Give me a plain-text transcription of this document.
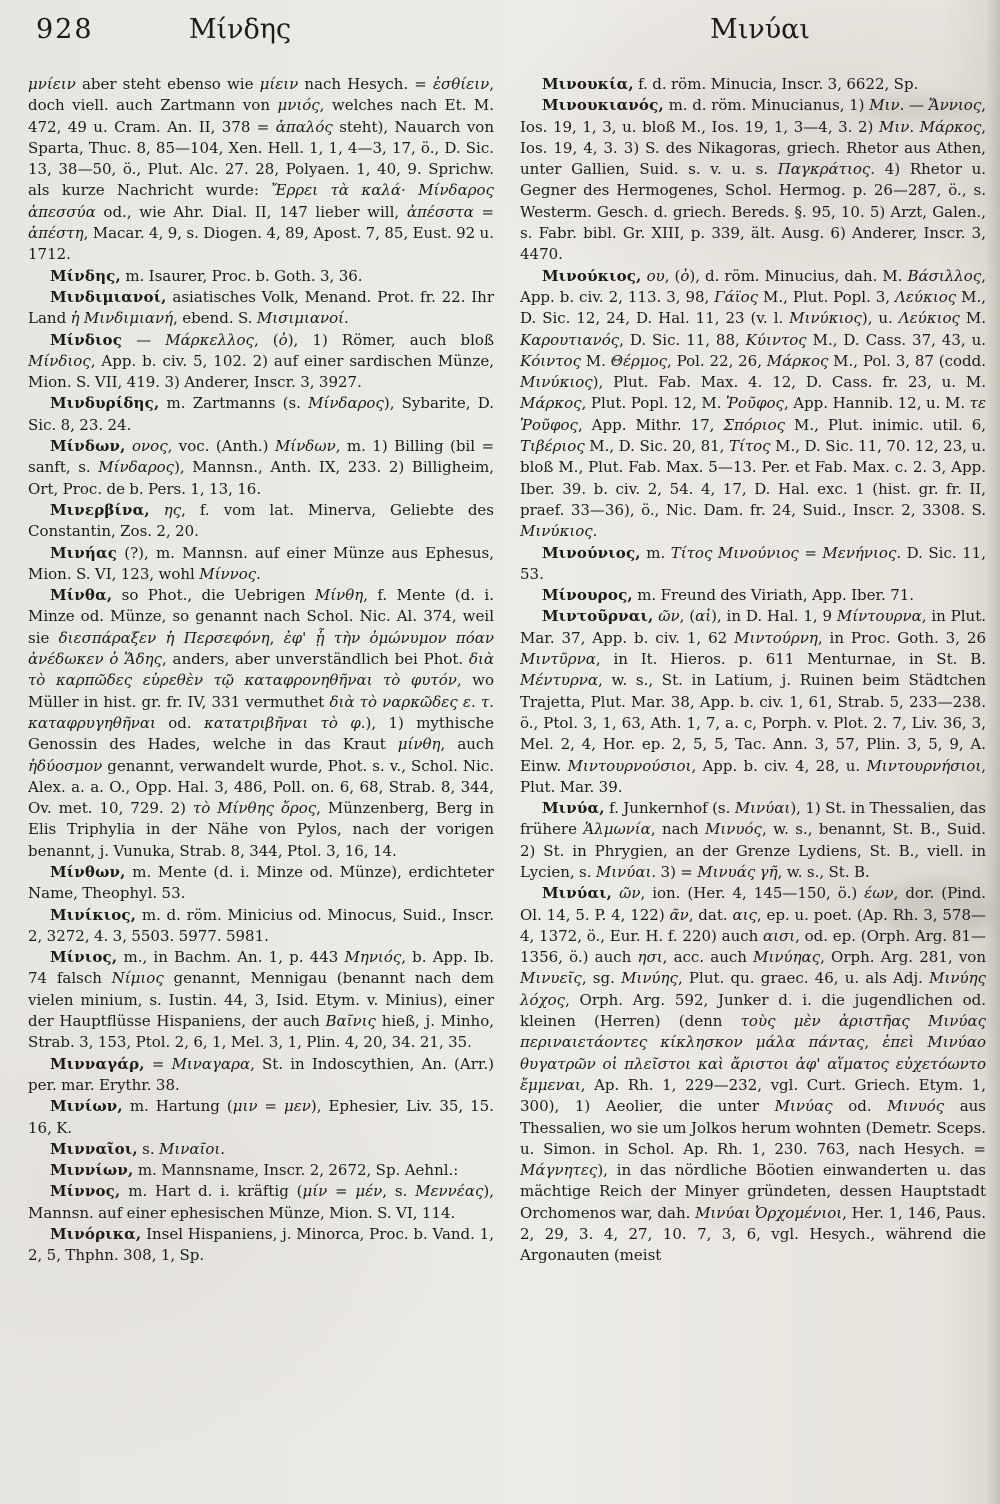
928	Μίνδης	Μινύαι

μνίειν aber steht ebenso wie μίειν nach Hesych. = ἐσθίειν, doch viell. auch Zartmann von μνιός, welches nach Et. M. 472, 49 u. Cram. An. II, 378 = ἁπαλός steht), Nauarch von Sparta, Thuc. 8, 85—104, Xen. Hell. 1, 1, 4—3, 17, ö., D. Sic. 13, 38—50, ö., Plut. Alc. 27. 28, Polyaen. 1, 40, 9. Sprichw. als kurze Nachricht wurde: Ἔρρει τὰ καλά· Μίνδαρος ἀπεσσύα od., wie Ahr. Dial. II, 147 lieber will, ἀπέσστα = ἀπέστη, Macar. 4, 9, s. Diogen. 4, 89, Apost. 7, 85, Eust. 92 u. 1712.

Μίνδης, m. Isaurer, Proc. b. Goth. 3, 36.

Μινδιμιανοί, asiatisches Volk, Menand. Prot. fr. 22. Ihr Land ἡ Μινδιμιανή, ebend. S. Μισιμιανοί.

Μίνδιος — Μάρκελλος, (ὁ), 1) Römer, auch bloß Μίνδιος, App. b. civ. 5, 102. 2) auf einer sardischen Münze, Mion. S. VII, 419. 3) Anderer, Inscr. 3, 3927.

Μινδυρίδης, m. Zartmanns (s. Μίνδαρος), Sybarite, D. Sic. 8, 23. 24.

Μίνδων, ονος, voc. (Anth.) Μίνδων, m. 1) Billing (bil = sanft, s. Μίνδαρος), Mannsn., Anth. IX, 233. 2) Billigheim, Ort, Proc. de b. Pers. 1, 13, 16.

Μινερβίνα, ης, f. vom lat. Minerva, Geliebte des Constantin, Zos. 2, 20.

Μινήας (?), m. Mannsn. auf einer Münze aus Ephesus, Mion. S. VI, 123, wohl Μίννος.

Μίνθα, so Phot., die Uebrigen Μίνθη, f. Mente (d. i. Minze od. Münze, so genannt nach Schol. Nic. Al. 374, weil sie διεσπάραξεν ἡ Περσεφόνη, ἐφ' ᾗ τὴν ὁμώνυμον πόαν ἀνέδωκεν ὁ Ἅδης, anders, aber unverständlich bei Phot. διὰ τὸ καρπῶδες εὑρεθὲν τῷ καταφρονηθῆναι τὸ φυτόν, wo Müller in hist. gr. fr. IV, 331 vermuthet διὰ τὸ ναρκῶδες ε. τ. καταφρυγηθῆναι od. κατατριβῆναι τὸ φ.), 1) mythische Genossin des Hades, welche in das Kraut μίνθη, auch ἡδύοσμον genannt, verwandelt wurde, Phot. s. v., Schol. Nic. Alex. a. a. O., Opp. Hal. 3, 486, Poll. on. 6, 68, Strab. 8, 344, Ov. met. 10, 729. 2) τὸ Μίνθης ὄρος, Münzenberg, Berg in Elis Triphylia in der Nähe von Pylos, nach der vorigen benannt, j. Vunuka, Strab. 8, 344, Ptol. 3, 16, 14.

Μίνθων, m. Mente (d. i. Minze od. Münze), erdichteter Name, Theophyl. 53.

Μινίκιος, m. d. röm. Minicius od. Minocus, Suid., Inscr. 2, 3272, 4. 3, 5503. 5977. 5981.

Μίνιος, m., in Bachm. An. 1, p. 443 Μηνιός, b. App. Ib. 74 falsch Νίμιος genannt, Mennigau (benannt nach dem vielen minium, s. Iustin. 44, 3, Isid. Etym. v. Minius), einer der Hauptflüsse Hispaniens, der auch Βαῖνις hieß, j. Minho, Strab. 3, 153, Ptol. 2, 6, 1, Mel. 3, 1, Plin. 4, 20, 34. 21, 35.

Μινναγάρ, = Μιναγαρα, St. in Indoscythien, An. (Arr.) per. mar. Erythr. 38.

Μινίων, m. Hartung (μιν = μεν), Ephesier, Liv. 35, 15. 16, K.

Μινναῖοι, s. Μιναῖοι.

Μιννίων, m. Mannsname, Inscr. 2, 2672, Sp. Aehnl.:

Μίννος, m. Hart d. i. kräftig (μίν = μέν, s. Μεννέας), Mannsn. auf einer ephesischen Münze, Mion. S. VI, 114.

Μινόρικα, Insel Hispaniens, j. Minorca, Proc. b. Vand. 1, 2, 5, Thphn. 308, 1, Sp.

Μινουκία, f. d. röm. Minucia, Inscr. 3, 6622, Sp.

Μινουκιανός, m. d. röm. Minucianus, 1) Μιν. — Ἄννιος, Ios. 19, 1, 3, u. bloß M., Ios. 19, 1, 3—4, 3. 2) Μιν. Μάρκος, Ios. 19, 4, 3. 3) S. des Nikagoras, griech. Rhetor aus Athen, unter Gallien, Suid. s. v. u. s. Παγκράτιος. 4) Rhetor u. Gegner des Hermogenes, Schol. Hermog. p. 26—287, ö., s. Westerm. Gesch. d. griech. Bereds. §. 95, 10. 5) Arzt, Galen., s. Fabr. bibl. Gr. XIII, p. 339, ält. Ausg. 6) Anderer, Inscr. 3, 4470.

Μινούκιος, ου, (ὁ), d. röm. Minucius, dah. M. Βάσιλλος, App. b. civ. 2, 113. 3, 98, Γάϊος M., Plut. Popl. 3, Λεύκιος M., D. Sic. 12, 24, D. Hal. 11, 23 (v. l. Μινύκιος), u. Λεύκιος M. Καρουτιανός, D. Sic. 11, 88, Κύιντος M., D. Cass. 37, 43, u. Κόιντος M. Θέρμος, Pol. 22, 26, Μάρκος M., Pol. 3, 87 (codd. Μινύκιος), Plut. Fab. Max. 4. 12, D. Cass. fr. 23, u. M. Μάρκος, Plut. Popl. 12, M. Ῥοῦφος, App. Hannib. 12, u. M. τε Ῥοῦφος, App. Mithr. 17, Σπόριος M., Plut. inimic. util. 6, Τιβέριος M., D. Sic. 20, 81, Τίτος M., D. Sic. 11, 70. 12, 23, u. bloß M., Plut. Fab. Max. 5—13. Per. et Fab. Max. c. 2. 3, App. Iber. 39. b. civ. 2, 54. 4, 17, D. Hal. exc. 1 (hist. gr. fr. II, praef. 33—36), ö., Nic. Dam. fr. 24, Suid., Inscr. 2, 3308. S. Μινύκιος.

Μινούνιος, m. Τίτος Μινούνιος = Μενήνιος. D. Sic. 11, 53.

Μίνουρος, m. Freund des Viriath, App. Iber. 71.

Μιντοῦρναι, ῶν, (αἱ), in D. Hal. 1, 9 Μίντουρνα, in Plut. Mar. 37, App. b. civ. 1, 62 Μιντούρνη, in Proc. Goth. 3, 26 Μιντῦρνα, in It. Hieros. p. 611 Menturnae, in St. B. Μέντυρνα, w. s., St. in Latium, j. Ruinen beim Städtchen Trajetta, Plut. Mar. 38, App. b. civ. 1, 61, Strab. 5, 233—238. ö., Ptol. 3, 1, 63, Ath. 1, 7, a. c, Porph. v. Plot. 2. 7, Liv. 36, 3, Mel. 2, 4, Hor. ep. 2, 5, 5, Tac. Ann. 3, 57, Plin. 3, 5, 9, A. Einw. Μιντουρνούσιοι, App. b. civ. 4, 28, u. Μιντουρνήσιοι, Plut. Mar. 39.

Μινύα, f. Junkernhof (s. Μινύαι), 1) St. in Thessalien, das frühere Ἁλμωνία, nach Μινυός, w. s., benannt, St. B., Suid. 2) St. in Phrygien, an der Grenze Lydiens, St. B., viell. in Lycien, s. Μινύαι. 3) = Μινυάς γῆ, w. s., St. B.

Μινύαι, ῶν, ion. (Her. 4, 145—150, ö.) έων, dor. (Pind. Ol. 14, 5. P. 4, 122) ᾶν, dat. αις, ep. u. poet. (Ap. Rh. 3, 578—4, 1372, ö., Eur. H. f. 220) auch αισι, od. ep. (Orph. Arg. 81—1356, ö.) auch ησι, acc. auch Μινύηας, Orph. Arg. 281, von Μινυεῖς, sg. Μινύης, Plut. qu. graec. 46, u. als Adj. Μινύης λόχος, Orph. Arg. 592, Junker d. i. die jugendlichen od. kleinen (Herren) (denn τοὺς μὲν ἀριστῆας Μινύας περιναιετάοντες κίκλησκον μάλα πάντας, ἐπεὶ Μινύαο θυγατρῶν οἱ πλεῖστοι καὶ ἄριστοι ἀφ' αἵματος εὐχετόωντο ἔμμεναι, Ap. Rh. 1, 229—232, vgl. Curt. Griech. Etym. 1, 300), 1) Aeolier, die unter Μινύας od. Μινυός aus Thessalien, wo sie um Jolkos herum wohnten (Demetr. Sceps. u. Simon. in Schol. Ap. Rh. 1, 230. 763, nach Hesych. = Μάγνητες), in das nördliche Böotien einwanderten u. das mächtige Reich der Minyer gründeten, dessen Hauptstadt Orchomenos war, dah. Μινύαι Ὀρχομένιοι, Her. 1, 146, Paus. 2, 29, 3. 4, 27, 10. 7, 3, 6, vgl. Hesych., während die Argonauten (meist
